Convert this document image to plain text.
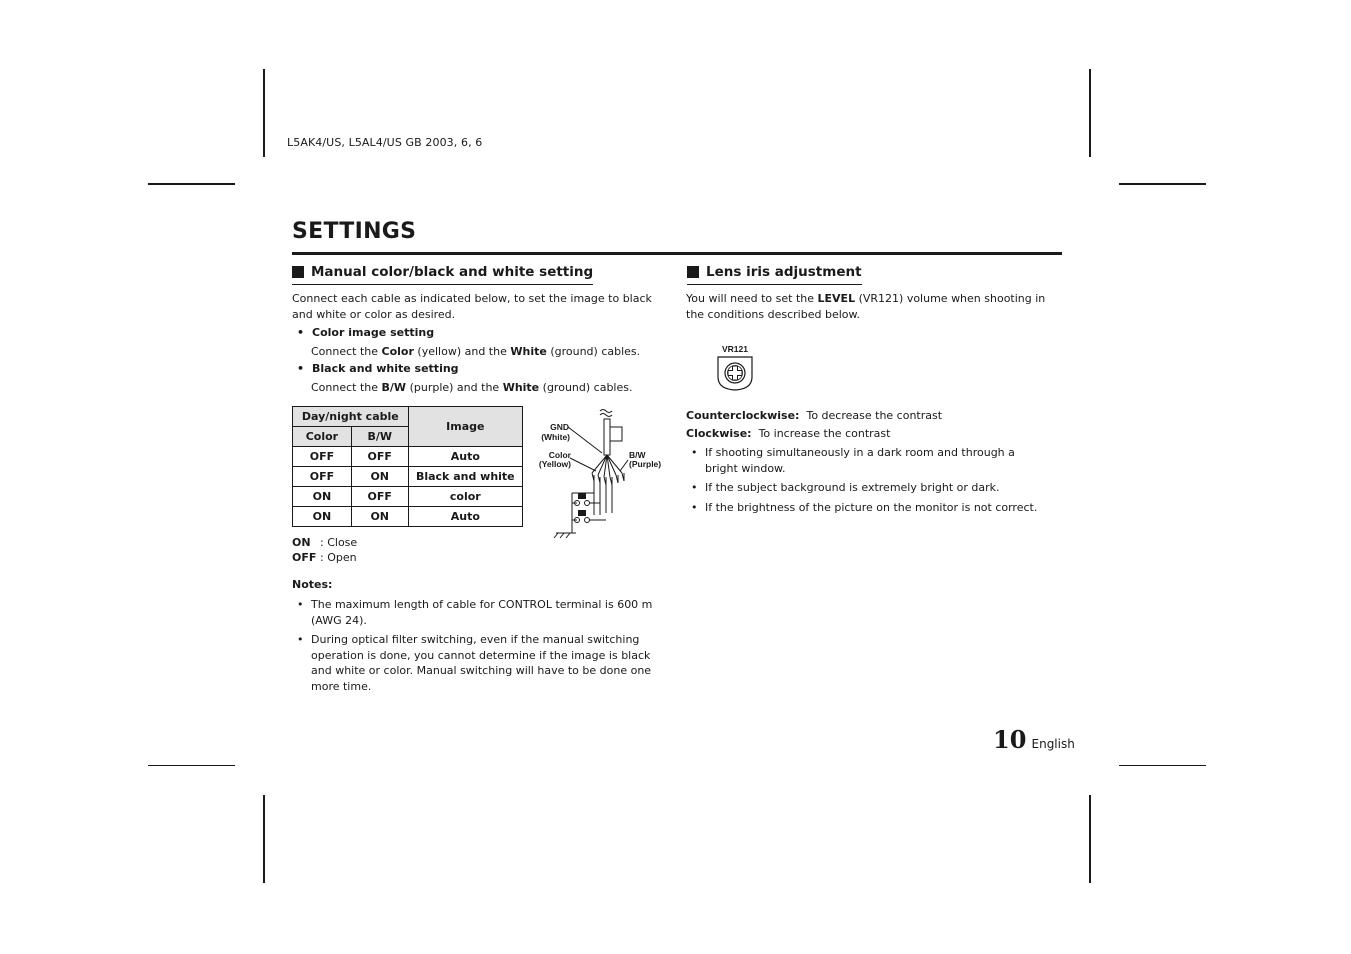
L5AK4/US, L5AL4/US GB 2003, 6, 6
SETTINGS
Manual color/black and white setting
Connect each cable as indicated below, to set the image to black and white or color as desired.
• Color image setting
Connect the Color (yellow) and the White (ground) cables.
• Black and white setting
Connect the B/W (purple) and the White (ground) cables.
Day/night cable		Image
Color	B/W	
OFF	OFF	Auto
OFF	ON	Black and white
ON	OFF	color
ON	ON	Auto
GND
(White)
Color
(Yellow)
B/W
(Purple)
ON : Close
OFF : Open
Notes:
• The maximum length of cable for CONTROL terminal is 600 m (AWG 24).
• During optical filter switching, even if the manual switching operation is done, you cannot determine if the image is black and white or color. Manual switching will have to be done one more time.
Lens iris adjustment
You will need to set the LEVEL (VR121) volume when shooting in the conditions described below.
VR121
Counterclockwise: To decrease the contrast
Clockwise: To increase the contrast
• If shooting simultaneously in a dark room and through a bright window.
• If the subject background is extremely bright or dark.
• If the brightness of the picture on the monitor is not correct.
10 English
